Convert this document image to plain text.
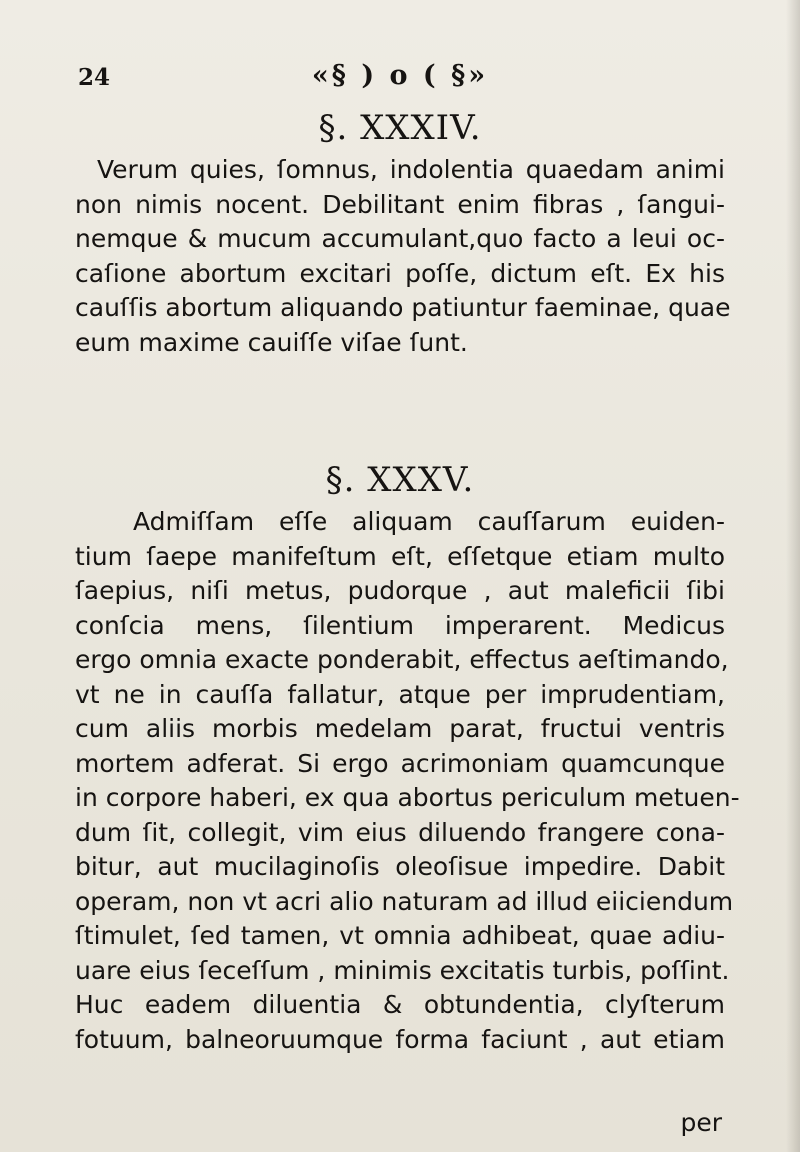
24	«§ ) o ( §»
§. XXXIV.
Verum quies, ſomnus, indolentia quaedam animi
non nimis nocent. Debilitant enim fibras , ſangui-
nemque & mucum accumulant,quo facto a leui oc-
caſione abortum excitari poſſe, dictum eſt. Ex his
cauſſis abortum aliquando patiuntur faeminae, quae
eum maxime cauiſſe viſae ſunt.
§. XXXV.
Admiſſam eſſe aliquam cauſſarum euiden-
tium ſaepe manifeſtum eſt, eſſetque etiam multo
ſaepius, niſi metus, pudorque , aut maleficii ſibi
conſcia mens, ſilentium imperarent. Medicus
ergo omnia exacte ponderabit, effectus aeſtimando,
vt ne in cauſſa fallatur, atque per imprudentiam,
cum aliis morbis medelam parat, fructui ventris
mortem adferat. Si ergo acrimoniam quamcunque
in corpore haberi, ex qua abortus periculum metuen-
dum ſit, collegit, vim eius diluendo frangere cona-
bitur, aut mucilaginoſis oleoſisue impedire. Dabit
operam, non vt acri alio naturam ad illud eiiciendum
ſtimulet, ſed tamen, vt omnia adhibeat, quae adiu-
uare eius ſeceſſum , minimis excitatis turbis, poſſint.
Huc eadem diluentia & obtundentia, clyſterum
fotuum, balneoruumque forma faciunt , aut etiam
per
